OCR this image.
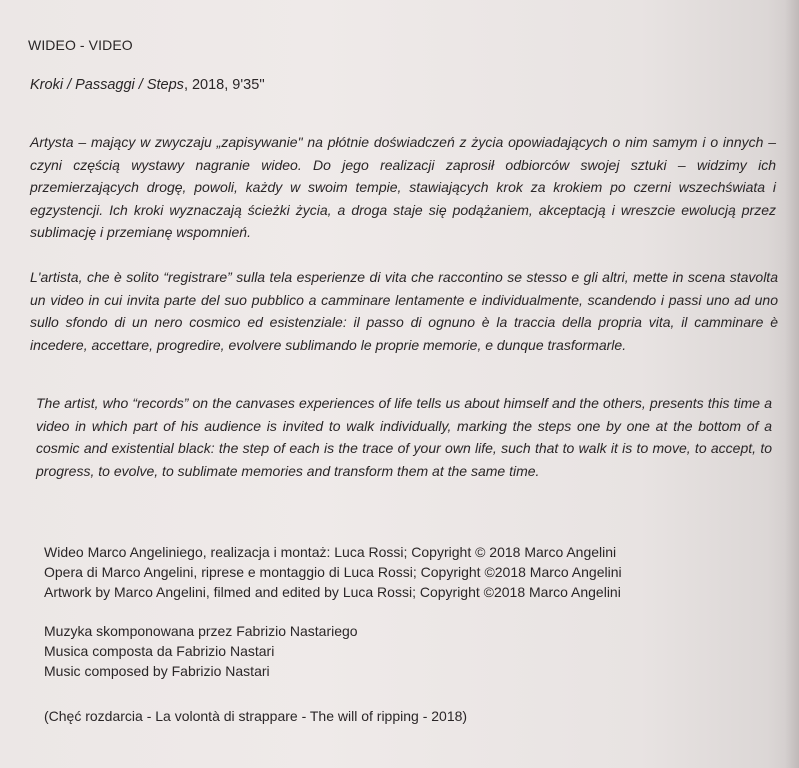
WIDEO - VIDEO

Kroki / Passaggi / Steps, 2018, 9'35''

Artysta – mający w zwyczaju „zapisywanie" na płótnie doświadczeń z życia opowiadających o nim samym i o innych – czyni częścią wystawy nagranie wideo. Do jego realizacji zaprosił odbiorców swojej sztuki – widzimy ich przemierzających drogę, powoli, każdy w swoim tempie, stawiających krok za krokiem po czerni wszechświata i egzystencji. Ich kroki wyznaczają ścieżki życia, a droga staje się podążaniem, akceptacją i wreszcie ewolucją przez sublimację i przemianę wspomnień.

L'artista, che è solito “registrare” sulla tela esperienze di vita che raccontino se stesso e gli altri, mette in scena stavolta un video in cui invita parte del suo pubblico a camminare lentamente e individualmente, scandendo i passi uno ad uno sullo sfondo di un nero cosmico ed esistenziale: il passo di ognuno è la traccia della propria vita, il camminare è incedere, accettare, progredire, evolvere sublimando le proprie memorie, e dunque trasformarle.

The artist, who “records” on the canvases experiences of life tells us about himself and the others, presents this time a video in which part of his audience is invited to walk individually, marking the steps one by one at the bottom of a cosmic and existential black: the step of each is the trace of your own life, such that to walk it is to move, to accept, to progress, to evolve, to sublimate memories and transform them at the same time.

Wideo Marco Angeliniego, realizacja i montaż: Luca Rossi; Copyright © 2018 Marco Angelini
Opera di Marco Angelini, riprese e montaggio di Luca Rossi; Copyright ©2018 Marco Angelini
Artwork by Marco Angelini, filmed and edited by Luca Rossi; Copyright ©2018 Marco Angelini
Muzyka skomponowana przez Fabrizio Nastariego
Musica composta da Fabrizio Nastari
Music composed by Fabrizio Nastari
(Chęć rozdarcia - La volontà di strappare - The will of ripping - 2018)
